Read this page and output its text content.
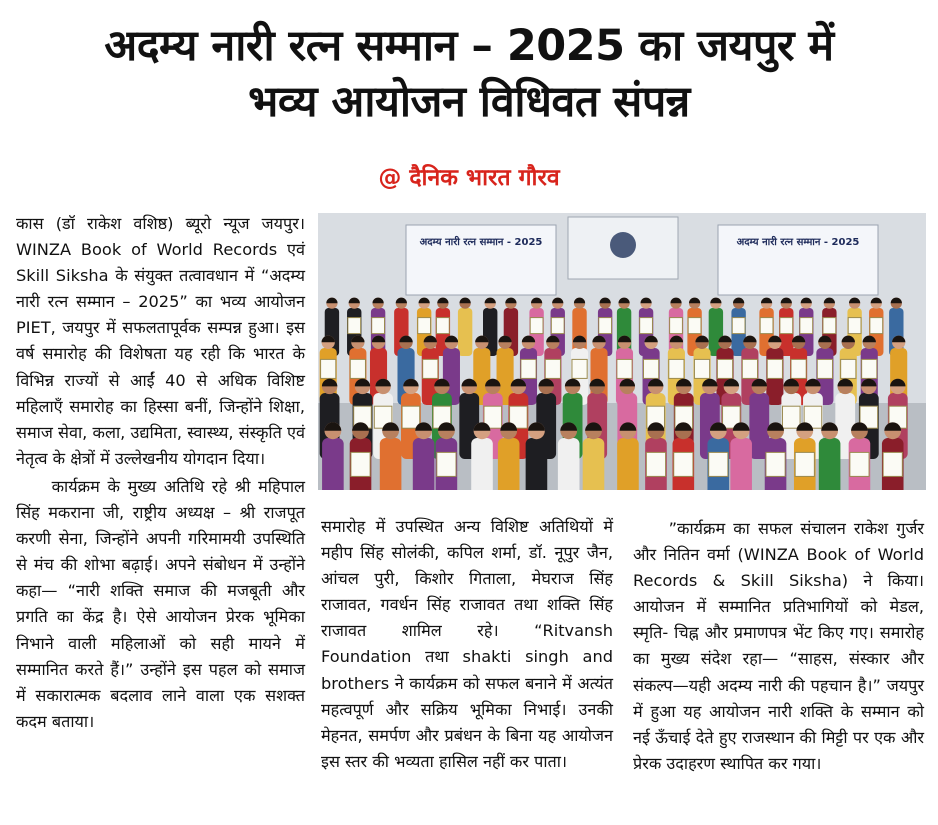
अदम्य नारी रत्न सम्मान – 2025 का जयपुर में
भव्य आयोजन विधिवत संपन्न
@ दैनिक भारत गौरव

कास (डॉ राकेश वशिष्ठ) ब्यूरो न्यूज जयपुर। WINZA Book of World Records एवं Skill Siksha के संयुक्त तत्वावधान में “अदम्य नारी रत्न सम्मान – 2025” का भव्य आयोजन PIET, जयपुर में सफलतापूर्वक सम्पन्न हुआ। इस वर्ष समारोह की विशेषता यह रही कि भारत के विभिन्न राज्यों से आईं 40 से अधिक विशिष्ट महिलाएँ समारोह का हिस्सा बनीं, जिन्होंने शिक्षा, समाज सेवा, कला, उद्यमिता, स्वास्थ्य, संस्कृति एवं नेतृत्व के क्षेत्रों में उल्लेखनीय योगदान दिया।

कार्यक्रम के मुख्य अतिथि रहे श्री महिपाल सिंह मकराना जी, राष्ट्रीय अध्यक्ष – श्री राजपूत करणी सेना, जिन्होंने अपनी गरिमामयी उपस्थिति से मंच की शोभा बढ़ाई। अपने संबोधन में उन्होंने कहा— “नारी शक्ति समाज की मजबूती और प्रगति का केंद्र है। ऐसे आयोजन प्रेरक भूमिका निभाने वाली महिलाओं को सही मायने में सम्मानित करते हैं।” उन्होंने इस पहल को समाज में सकारात्मक बदलाव लाने वाला एक सशक्त कदम बताया।

अदम्य नारी रत्न सम्मान - 2025	अदम्य नारी रत्न सम्मान - 2025

समारोह में उपस्थित अन्य विशिष्ट अतिथियों में महीप सिंह सोलंकी, कपिल शर्मा, डॉ. नूपुर जैन, आंचल पुरी, किशोर गिताला, मेघराज सिंह राजावत, गवर्धन सिंह राजावत तथा शक्ति सिंह राजावत शामिल रहे। “Ritvansh Foundation तथा shakti singh and brothers ने कार्यक्रम को सफल बनाने में अत्यंत महत्वपूर्ण और सक्रिय भूमिका निभाई। उनकी मेहनत, समर्पण और प्रबंधन के बिना यह आयोजन इस स्तर की भव्यता हासिल नहीं कर पाता।

”कार्यक्रम का सफल संचालन राकेश गुर्जर और नितिन वर्मा (WINZA Book of World Records & Skill Siksha) ने किया। आयोजन में सम्मानित प्रतिभागियों को मेडल, स्मृति- चिह्न और प्रमाणपत्र भेंट किए गए। समारोह का मुख्य संदेश रहा— “साहस, संस्कार और संकल्प—यही अदम्य नारी की पहचान है।” जयपुर में हुआ यह आयोजन नारी शक्ति के सम्मान को नई ऊँचाई देते हुए राजस्थान की मिट्टी पर एक और प्रेरक उदाहरण स्थापित कर गया।
